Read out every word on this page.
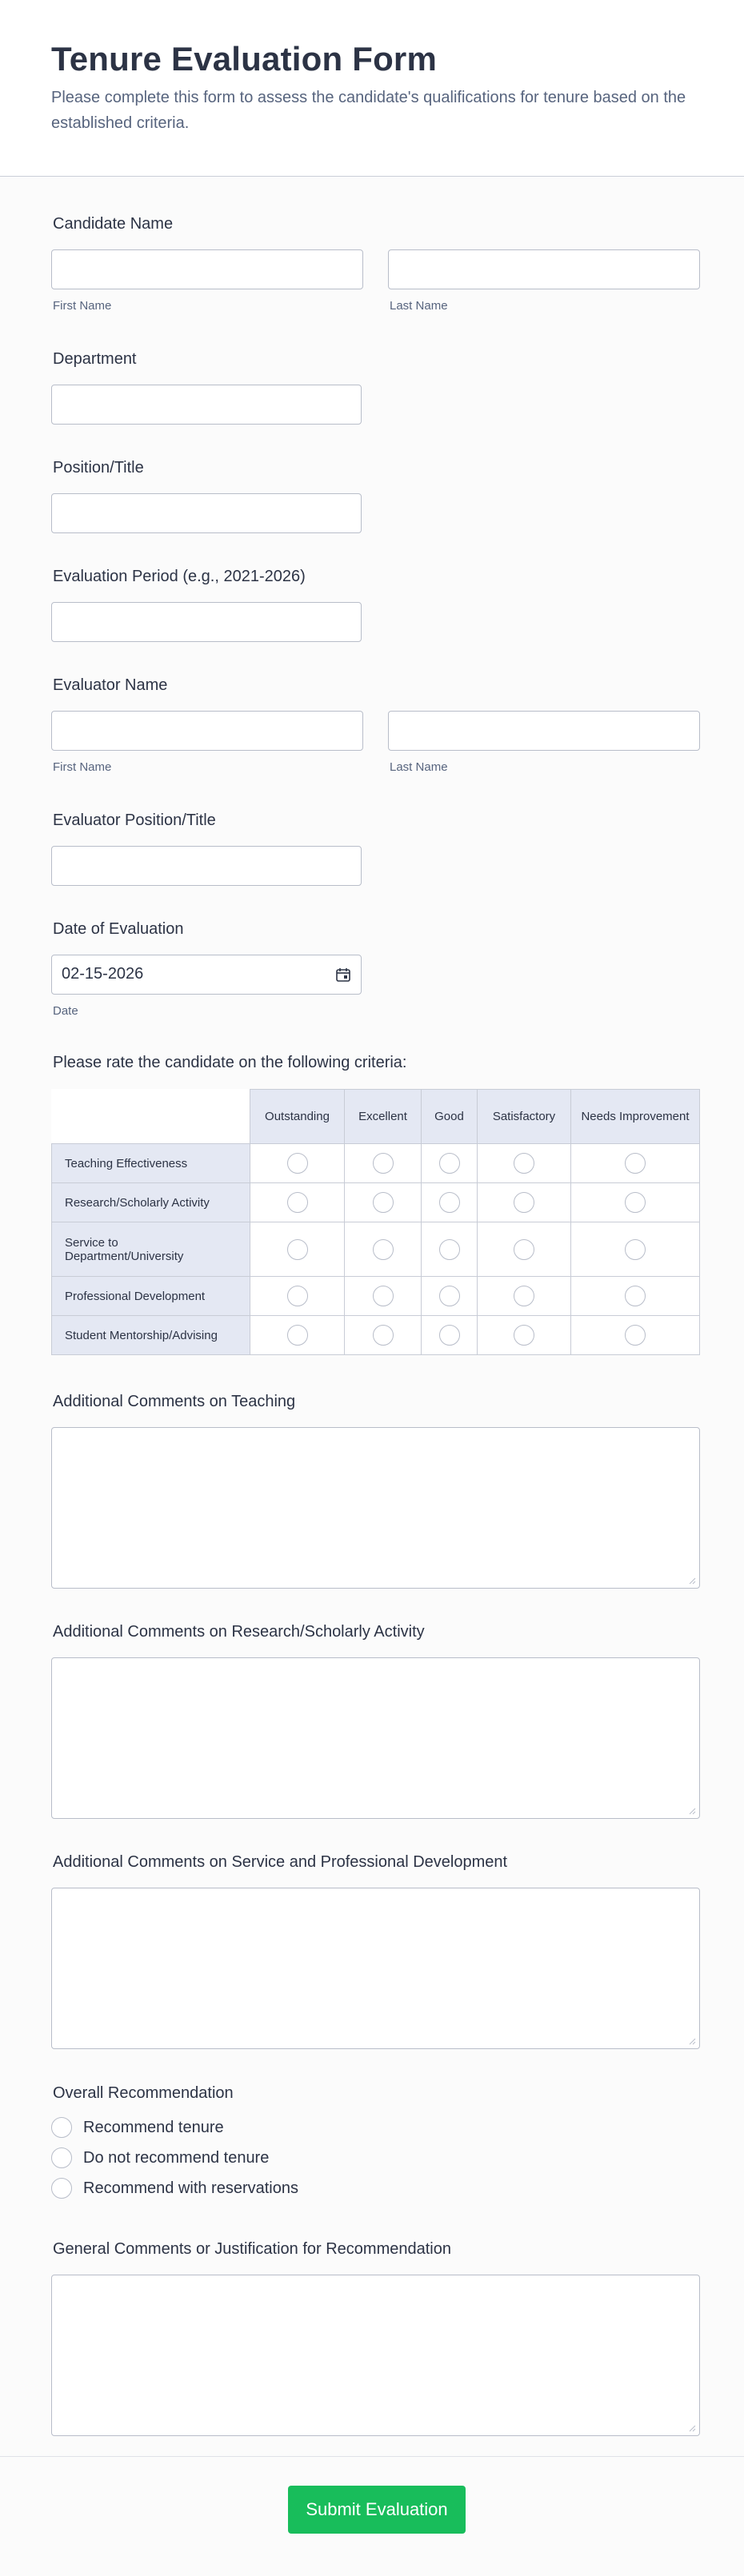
Tenure Evaluation Form
Please complete this form to assess the candidate's qualifications for tenure based on the established criteria.
Candidate Name
First Name	Last Name
Department
Position/Title
Evaluation Period (e.g., 2021-2026)
Evaluator Name
First Name	Last Name
Evaluator Position/Title
Date of Evaluation
02-15-2026
Date
Please rate the candidate on the following criteria:
	Outstanding	Excellent	Good	Satisfactory	Needs Improvement
Teaching Effectiveness					
Research/Scholarly Activity					
Service to Department/University					
Professional Development					
Student Mentorship/Advising					
Additional Comments on Teaching
Additional Comments on Research/Scholarly Activity
Additional Comments on Service and Professional Development
Overall Recommendation
Recommend tenure
Do not recommend tenure
Recommend with reservations
General Comments or Justification for Recommendation
Submit Evaluation
